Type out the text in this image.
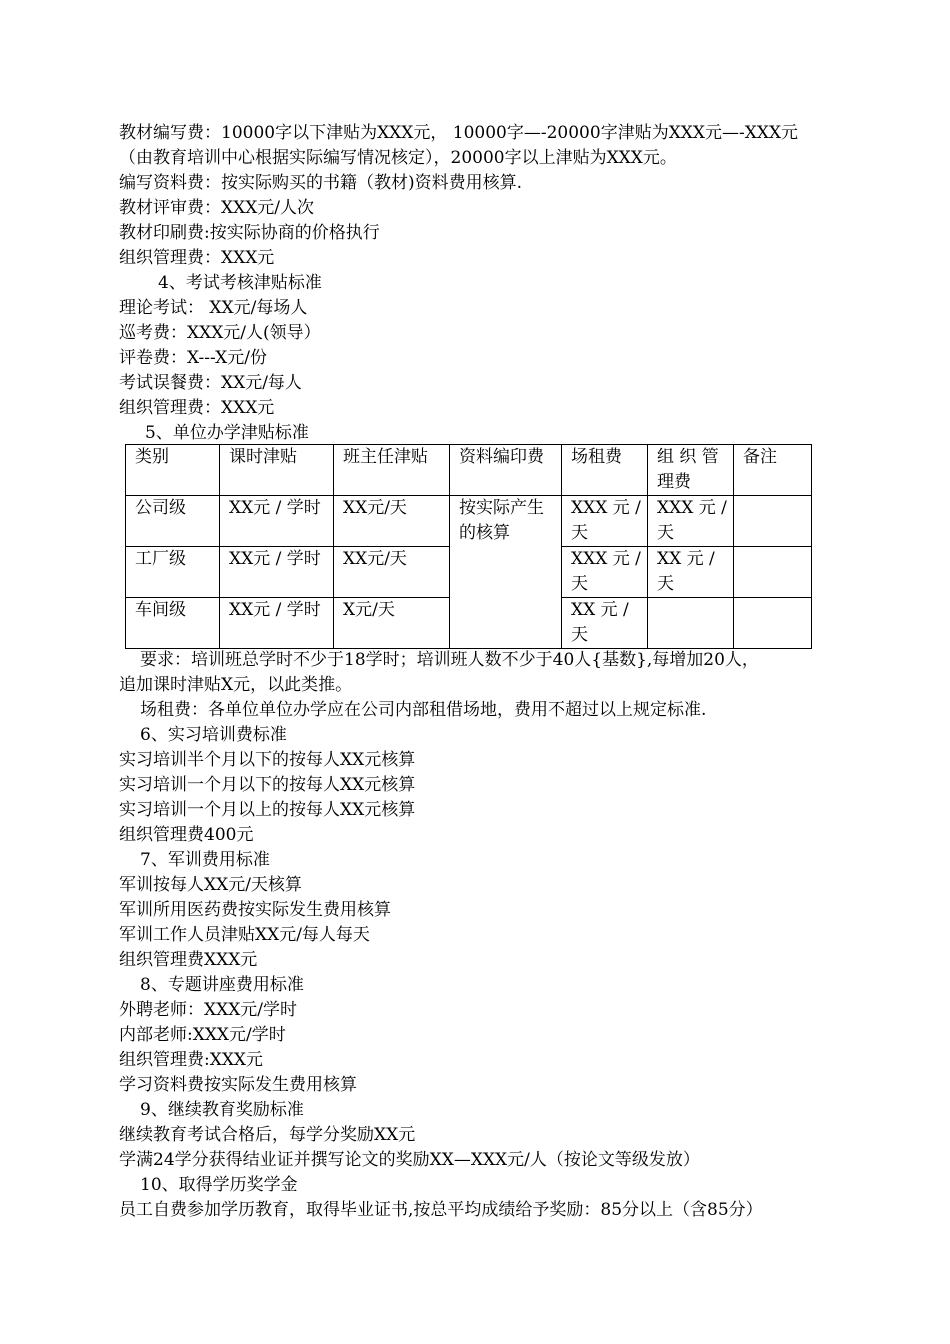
教材编写费：10000字以下津贴为XXX元， 10000字—-20000字津贴为XXX元—-XXX元
（由教育培训中心根据实际编写情况核定），20000字以上津贴为XXX元。
编写资料费：按实际购买的书籍（教材)资料费用核算.
教材评审费：XXX元/人次
教材印刷费:按实际协商的价格执行
组织管理费：XXX元
4、考试考核津贴标准
理论考试： XX元/每场人
巡考费：XXX元/人(领导）
评卷费：X---X元/份
考试误餐费：XX元/每人
组织管理费：XXX元
5、单位办学津贴标准
类别	课时津贴	班主任津贴	资料编印费	场租费	组 织 管 理费	备注
公司级	XX元 / 学时	XX元/天	按实际产生的核算	XXX 元 / 天	XXX 元 / 天	
工厂级	XX元 / 学时	XX元/天		XXX 元 / 天	XX 元 / 天	
车间级	XX元 / 学时	X元/天		XX 元 / 天		
要求：培训班总学时不少于18学时；培训班人数不少于40人{基数},每增加20人，
追加课时津贴X元，以此类推。
场租费：各单位单位办学应在公司内部租借场地，费用不超过以上规定标准.
6、实习培训费标准
实习培训半个月以下的按每人XX元核算
实习培训一个月以下的按每人XX元核算
实习培训一个月以上的按每人XX元核算
组织管理费400元
7、军训费用标准
军训按每人XX元/天核算
军训所用医药费按实际发生费用核算
军训工作人员津贴XX元/每人每天
组织管理费XXX元
8、专题讲座费用标准
外聘老师：XXX元/学时
内部老师:XXX元/学时
组织管理费:XXX元
学习资料费按实际发生费用核算
9、继续教育奖励标准
继续教育考试合格后，每学分奖励XX元
学满24学分获得结业证并撰写论文的奖励XX—XXX元/人（按论文等级发放）
10、取得学历奖学金
员工自费参加学历教育，取得毕业证书,按总平均成绩给予奖励：85分以上（含85分）
